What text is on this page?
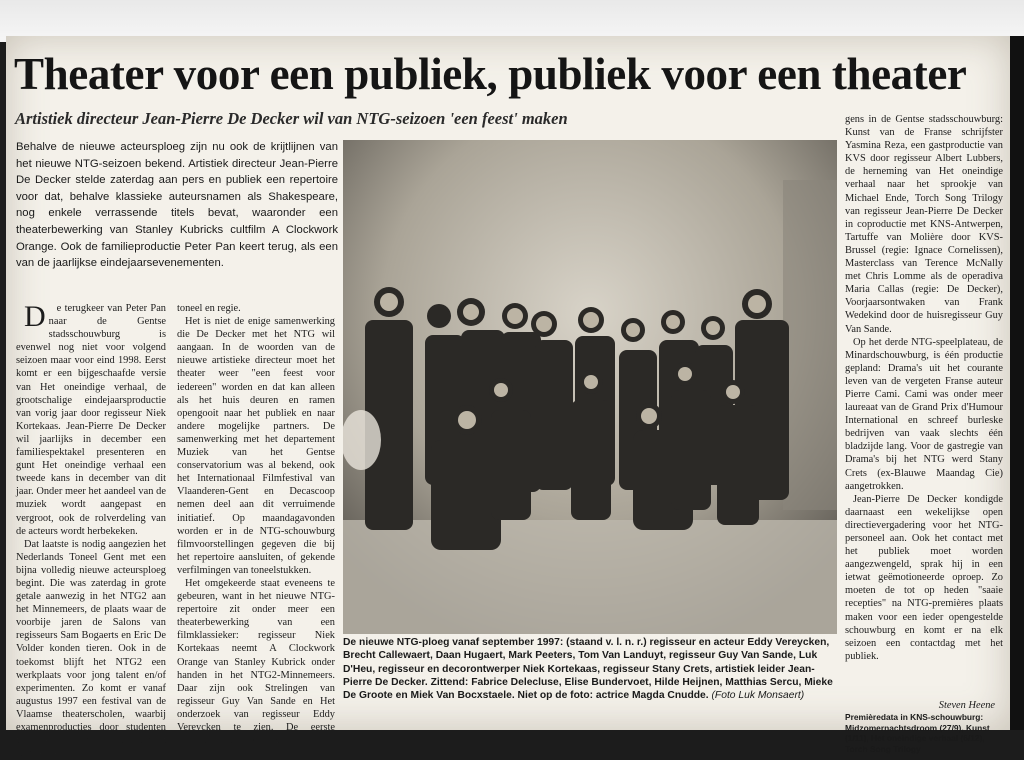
Theater voor een publiek, publiek voor een theater
Artistiek directeur Jean-Pierre De Decker wil van NTG-seizoen 'een feest' maken
Behalve de nieuwe acteursploeg zijn nu ook de krijtlijnen van het nieuwe NTG-seizoen bekend. Artistiek directeur Jean-Pierre De Decker stelde zaterdag aan pers en publiek een repertoire voor dat, behalve klassieke auteursnamen als Shakespeare, nog enkele verrassende titels bevat, waaronder een theaterbewerking van Stanley Kubricks cultfilm A Clockwork Orange. Ook de familieproductie Peter Pan keert terug, als een van de jaarlijkse eindejaarsevenementen.

D e terugkeer van Peter Pan naar de Gentse stadsschouwburg is evenwel nog niet voor volgend seizoen maar voor eind 1998. Eerst komt er een bijgeschaafde versie van Het oneindige verhaal, de grootschalige eindejaarsproductie van vorig jaar door regisseur Niek Kortekaas. Jean-Pierre De Decker wil jaarlijks in december een familiespektakel presenteren en gunt Het oneindige verhaal een tweede kans in december van dit jaar. Onder meer het aandeel van de muziek wordt aangepast en vergroot, ook de rolverdeling van de acteurs wordt herbekeken.

Dat laatste is nodig aangezien het Nederlands Toneel Gent met een bijna volledig nieuwe acteursploeg begint. Die was zaterdag in grote getale aanwezig in het NTG2 aan het Minnemeers, de plaats waar de voorbije jaren de Salons van regisseurs Sam Bogaerts en Eric De Volder konden tieren. Ook in de toekomst blijft het NTG2 een werkplaats voor jong talent en/of experimenten. Zo komt er vanaf augustus 1997 een festival van de Vlaamse theaterscholen, waarbij examenproducties door studenten toneel en podium krijgen. Voor dit jaar hebben ...

toneel en regie.

Het is niet de enige samenwerking die De Decker met het NTG wil aangaan. In de woorden van de nieuwe artistieke directeur moet het theater weer "een feest voor iedereen" worden en dat kan alleen als het huis deuren en ramen opengooit naar het publiek en naar andere mogelijke partners. De samenwerking met het departement Muziek van het Gentse conservatorium was al bekend, ook het Internationaal Filmfestival van Vlaanderen-Gent en Decascoop nemen deel aan dit verruimende initiatief. Op maandagavonden worden er in de NTG-schouwburg filmvoorstellingen gegeven die bij het repertoire aansluiten, of gekende verfilmingen van toneelstukken.

Het omgekeerde staat eveneens te gebeuren, want in het nieuwe NTG-repertoire zit onder meer een theaterbewerking van een filmklassieker: regisseur Niek Kortekaas neemt A Clockwork Orange van Stanley Kubrick onder handen in het NTG2-Minnemeers. Daar zijn ook Strelingen van regisseur Guy Van Sande en Het onderzoek van regisseur Eddy Vereycken te zien. De eerste productie is naar een tekst van de ...

De nieuwe NTG-ploeg vanaf september 1997: (staand v. l. n. r.) regisseur en acteur Eddy Vereycken, Brecht Callewaert, Daan Hugaert, Mark Peeters, Tom Van Landuyt, regisseur Guy Van Sande, Luk D'Heu, regisseur en decorontwerper Niek Kortekaas, regisseur Stany Crets, artistiek leider Jean-Pierre De Decker. Zittend: Fabrice Delecluse, Elise Bundervoet, Hilde Heijnen, Matthias Sercu, Mieke De Groote en Miek Van Bocxstaele. Niet op de foto: actrice Magda Cnudde. (Foto Luk Monsaert)

gens in de Gentse stadsschouwburg: Kunst van de Franse schrijfster Yasmina Reza, een gastproductie van KVS door regisseur Albert Lubbers, de herneming van Het oneindige verhaal naar het sprookje van Michael Ende, Torch Song Trilogy van regisseur Jean-Pierre De Decker in coproductie met KNS-Antwerpen, Tartuffe van Molière door KVS-Brussel (regie: Ignace Cornelissen), Masterclass van Terence McNally met Chris Lomme als de operadiva Maria Callas (regie: De Decker), Voorjaarsontwaken van Frank Wedekind door de huisregisseur Guy Van Sande.

Op het derde NTG-speelplateau, de Minardschouwburg, is één productie gepland: Drama's uit het courante leven van de vergeten Franse auteur Pierre Cami. Cami was onder meer laureaat van de Grand Prix d'Humour International en schreef burleske bedrijven van vaak slechts één bladzijde lang. Voor de gastregie van Drama's bij het NTG werd Stany Crets (ex-Blauwe Maandag Cie) aangetrokken.

Jean-Pierre De Decker kondigde daarnaast een wekelijkse open directievergadering voor het NTG-personeel aan. Ook het contact met het publiek moet worden aangezwengeld, sprak hij in een ietwat geëmotioneerde oproep. Zo moeten de tot op heden "saaie recepties" na NTG-premières plaats maken voor een ieder opengestelde schouwburg en komt er na elk seizoen een contactdag met het publiek.

Steven Heene
Premièredata in KNS-schouwburg: Midzomernachtsdroom (27/9), Kunst (1/11), Het oneindige verhaal (6/12), Torch Song Trilogy
